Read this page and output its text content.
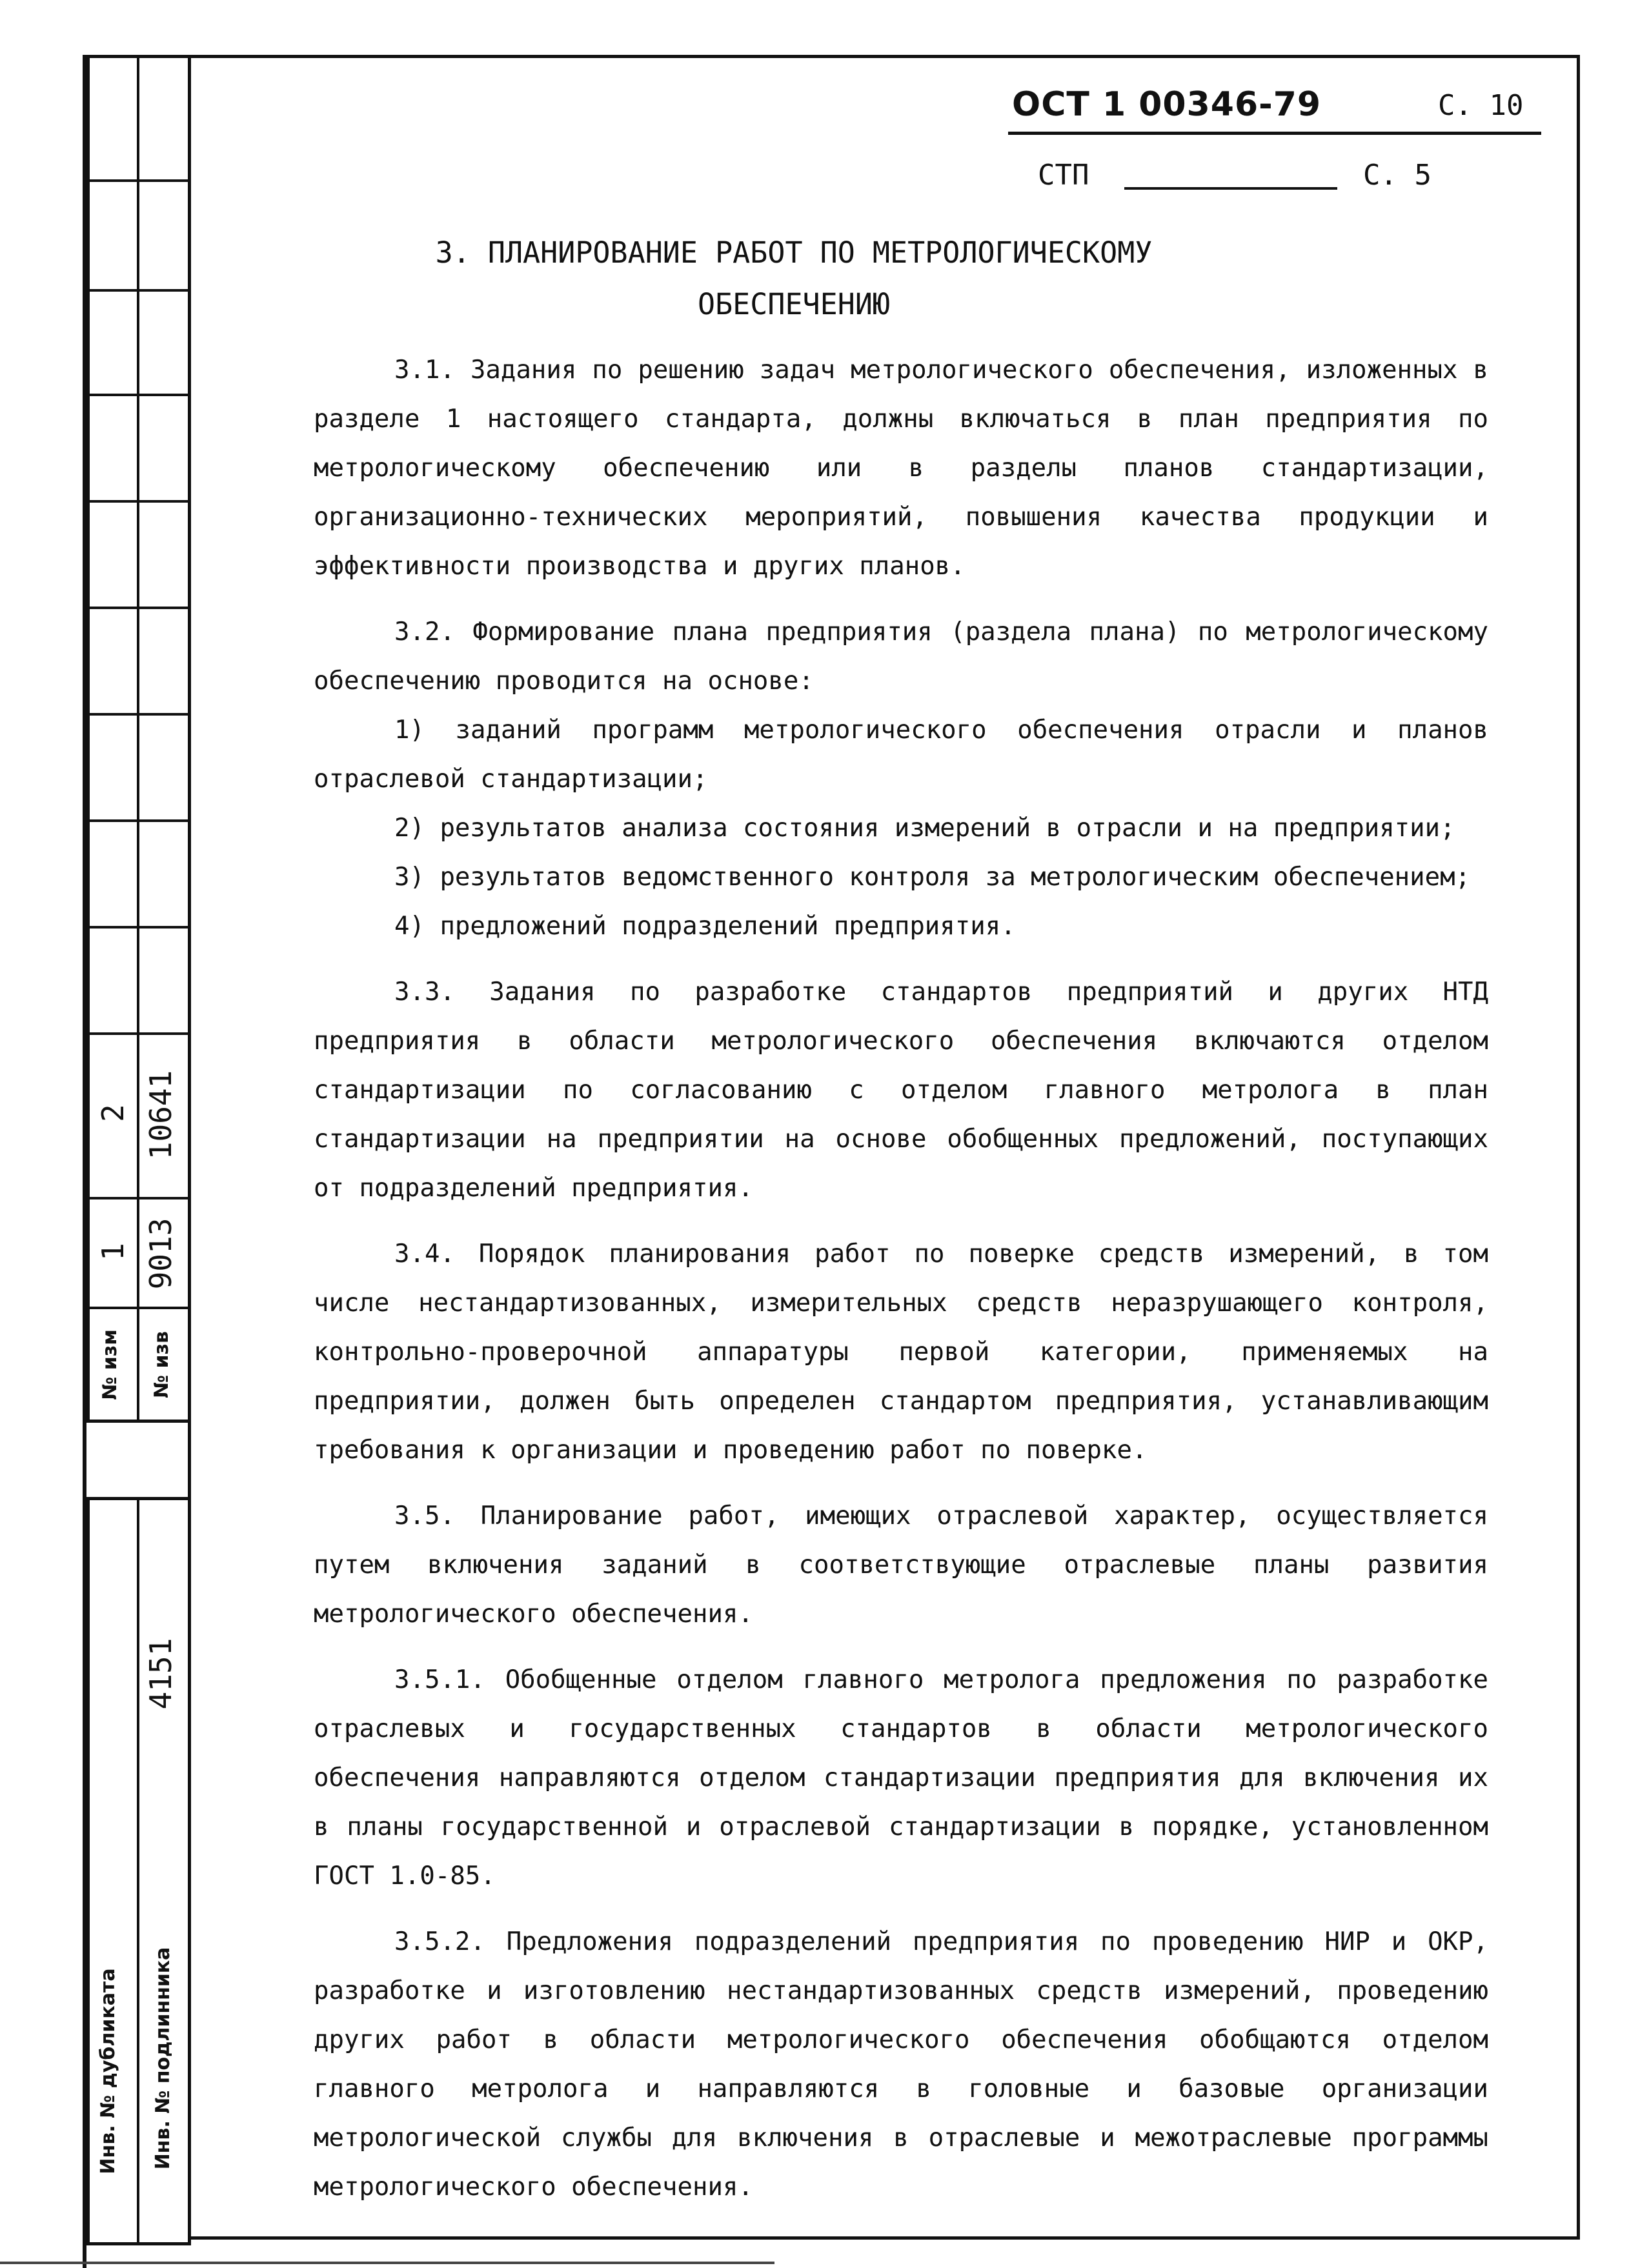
2 10641
1 9013
№ изм № изв
4151
Инв. № дубликата Инв. № подлинника
ОСТ 1 00346-79	С. 10
СТП	С. 5
3. ПЛАНИРОВАНИЕ РАБОТ ПО МЕТРОЛОГИЧЕСКОМУ
ОБЕСПЕЧЕНИЮ

3.1. Задания по решению задач метрологического обеспечения, изложенных в разделе 1 настоящего стандарта, должны включаться в план предприятия по метрологическому обеспечению или в разделы планов стандартизации, организационно-технических мероприятий, повышения качества продукции и эффективности производства и других планов.

3.2. Формирование плана предприятия (раздела плана) по метрологическому обеспечению проводится на основе:

1) заданий программ метрологического обеспечения отрасли и планов отраслевой стандартизации;

2) результатов анализа состояния измерений в отрасли и на предприятии;

3) результатов ведомственного контроля за метрологическим обеспечением;

4) предложений подразделений предприятия.

3.3. Задания по разработке стандартов предприятий и других НТД предприятия в области метрологического обеспечения включаются отделом стандартизации по согласованию с отделом главного метролога в план стандартизации на предприятии на основе обобщенных предложений, поступающих от подразделений предприятия.

3.4. Порядок планирования работ по поверке средств измерений, в том числе нестандартизованных, измерительных средств неразрушающего контроля, контрольно-проверочной аппаратуры первой категории, применяемых на предприятии, должен быть определен стандартом предприятия, устанавливающим требования к организации и проведению работ по поверке.

3.5. Планирование работ, имеющих отраслевой характер, осуществляется путем включения заданий в соответствующие отраслевые планы развития метрологического обеспечения.

3.5.1. Обобщенные отделом главного метролога предложения по разработке отраслевых и государственных стандартов в области метрологического обеспечения направляются отделом стандартизации предприятия для включения их в планы государственной и отраслевой стандартизации в порядке, установленном ГОСТ 1.0-85.

3.5.2. Предложения подразделений предприятия по проведению НИР и ОКР, разработке и изготовлению нестандартизованных средств измерений, проведению других работ в области метрологического обеспечения обобщаются отделом главного метролога и направляются в головные и базовые организации метрологической службы для включения в отраслевые и межотраслевые программы метрологического обеспечения.
